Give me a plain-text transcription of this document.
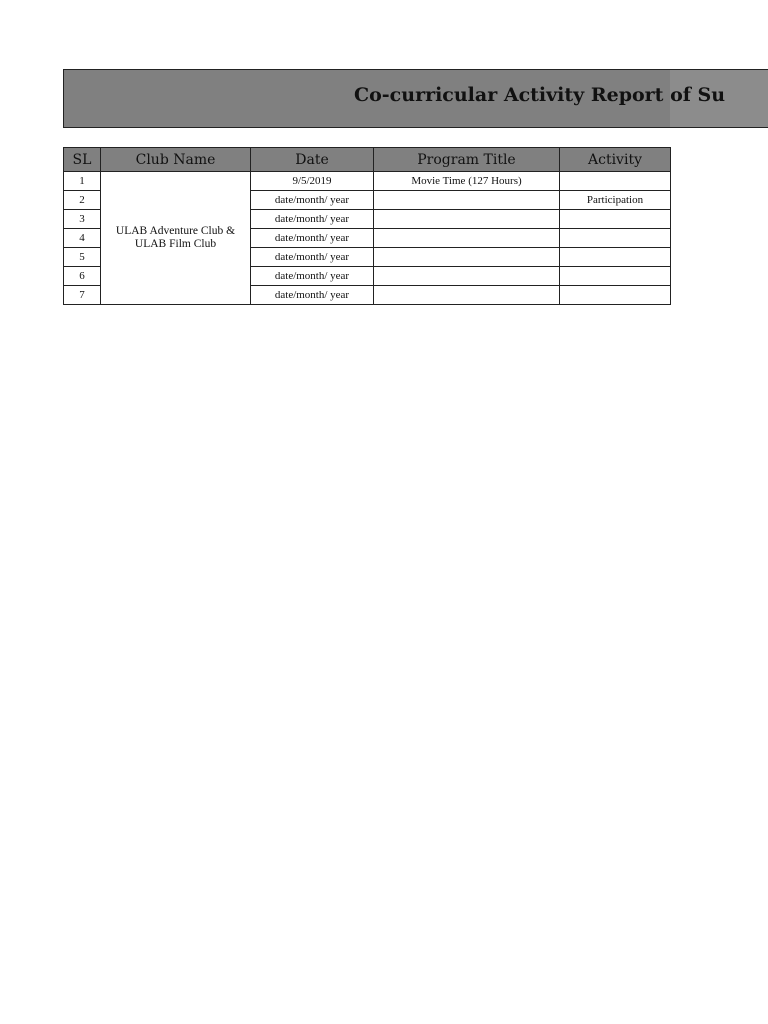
Co-curricular Activity Report of Su
SL	Club Name	Date	Program Title	Activity
1	ULAB Adventure Club & ULAB Film Club	9/5/2019	Movie Time (127 Hours)	
2		date/month/ year		Participation
3		date/month/ year		
4		date/month/ year		
5		date/month/ year		
6		date/month/ year		
7		date/month/ year		
